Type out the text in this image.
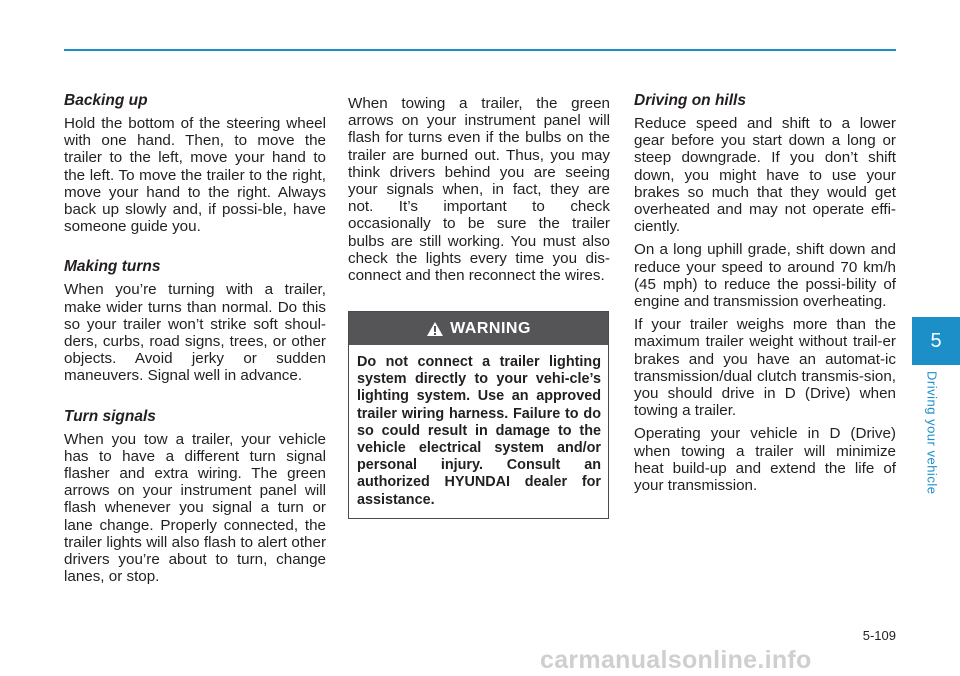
Backing up
Hold the bottom of the steering wheel with one hand. Then, to move the trailer to the left, move your hand to the left. To move the trailer to the right, move your hand to the right. Always back up slowly and, if possi-ble, have someone guide you.
Making turns
When you’re turning with a trailer, make wider turns than normal. Do this so your trailer won’t strike soft shoul-ders, curbs, road signs, trees, or other objects. Avoid jerky or sudden maneuvers. Signal well in advance.
Turn signals
When you tow a trailer, your vehicle has to have a different turn signal flasher and extra wiring. The green arrows on your instrument panel will flash whenever you signal a turn or lane change. Properly connected, the trailer lights will also flash to alert other drivers you’re about to turn, change lanes, or stop.
When towing a trailer, the green arrows on your instrument panel will flash for turns even if the bulbs on the trailer are burned out. Thus, you may think drivers behind you are seeing your signals when, in fact, they are not. It’s important to check occasionally to be sure the trailer bulbs are still working. You must also check the lights every time you dis-connect and then reconnect the wires.
WARNING
Do not connect a trailer lighting system directly to your vehi-cle’s lighting system. Use an approved trailer wiring harness. Failure to do so could result in damage to the vehicle electrical system and/or personal injury. Consult an authorized HYUNDAI dealer for assistance.
Driving on hills
Reduce speed and shift to a lower gear before you start down a long or steep downgrade. If you don’t shift down, you might have to use your brakes so much that they would get overheated and may not operate effi-ciently.
On a long uphill grade, shift down and reduce your speed to around 70 km/h (45 mph) to reduce the possi-bility of engine and transmission overheating.
If your trailer weighs more than the maximum trailer weight without trail-er brakes and you have an automat-ic transmission/dual clutch transmis-sion, you should drive in D (Drive) when towing a trailer.
Operating your vehicle in D (Drive) when towing a trailer will minimize heat build-up and extend the life of your transmission.
5
Driving your vehicle
5-109
carmanualsonline.info
